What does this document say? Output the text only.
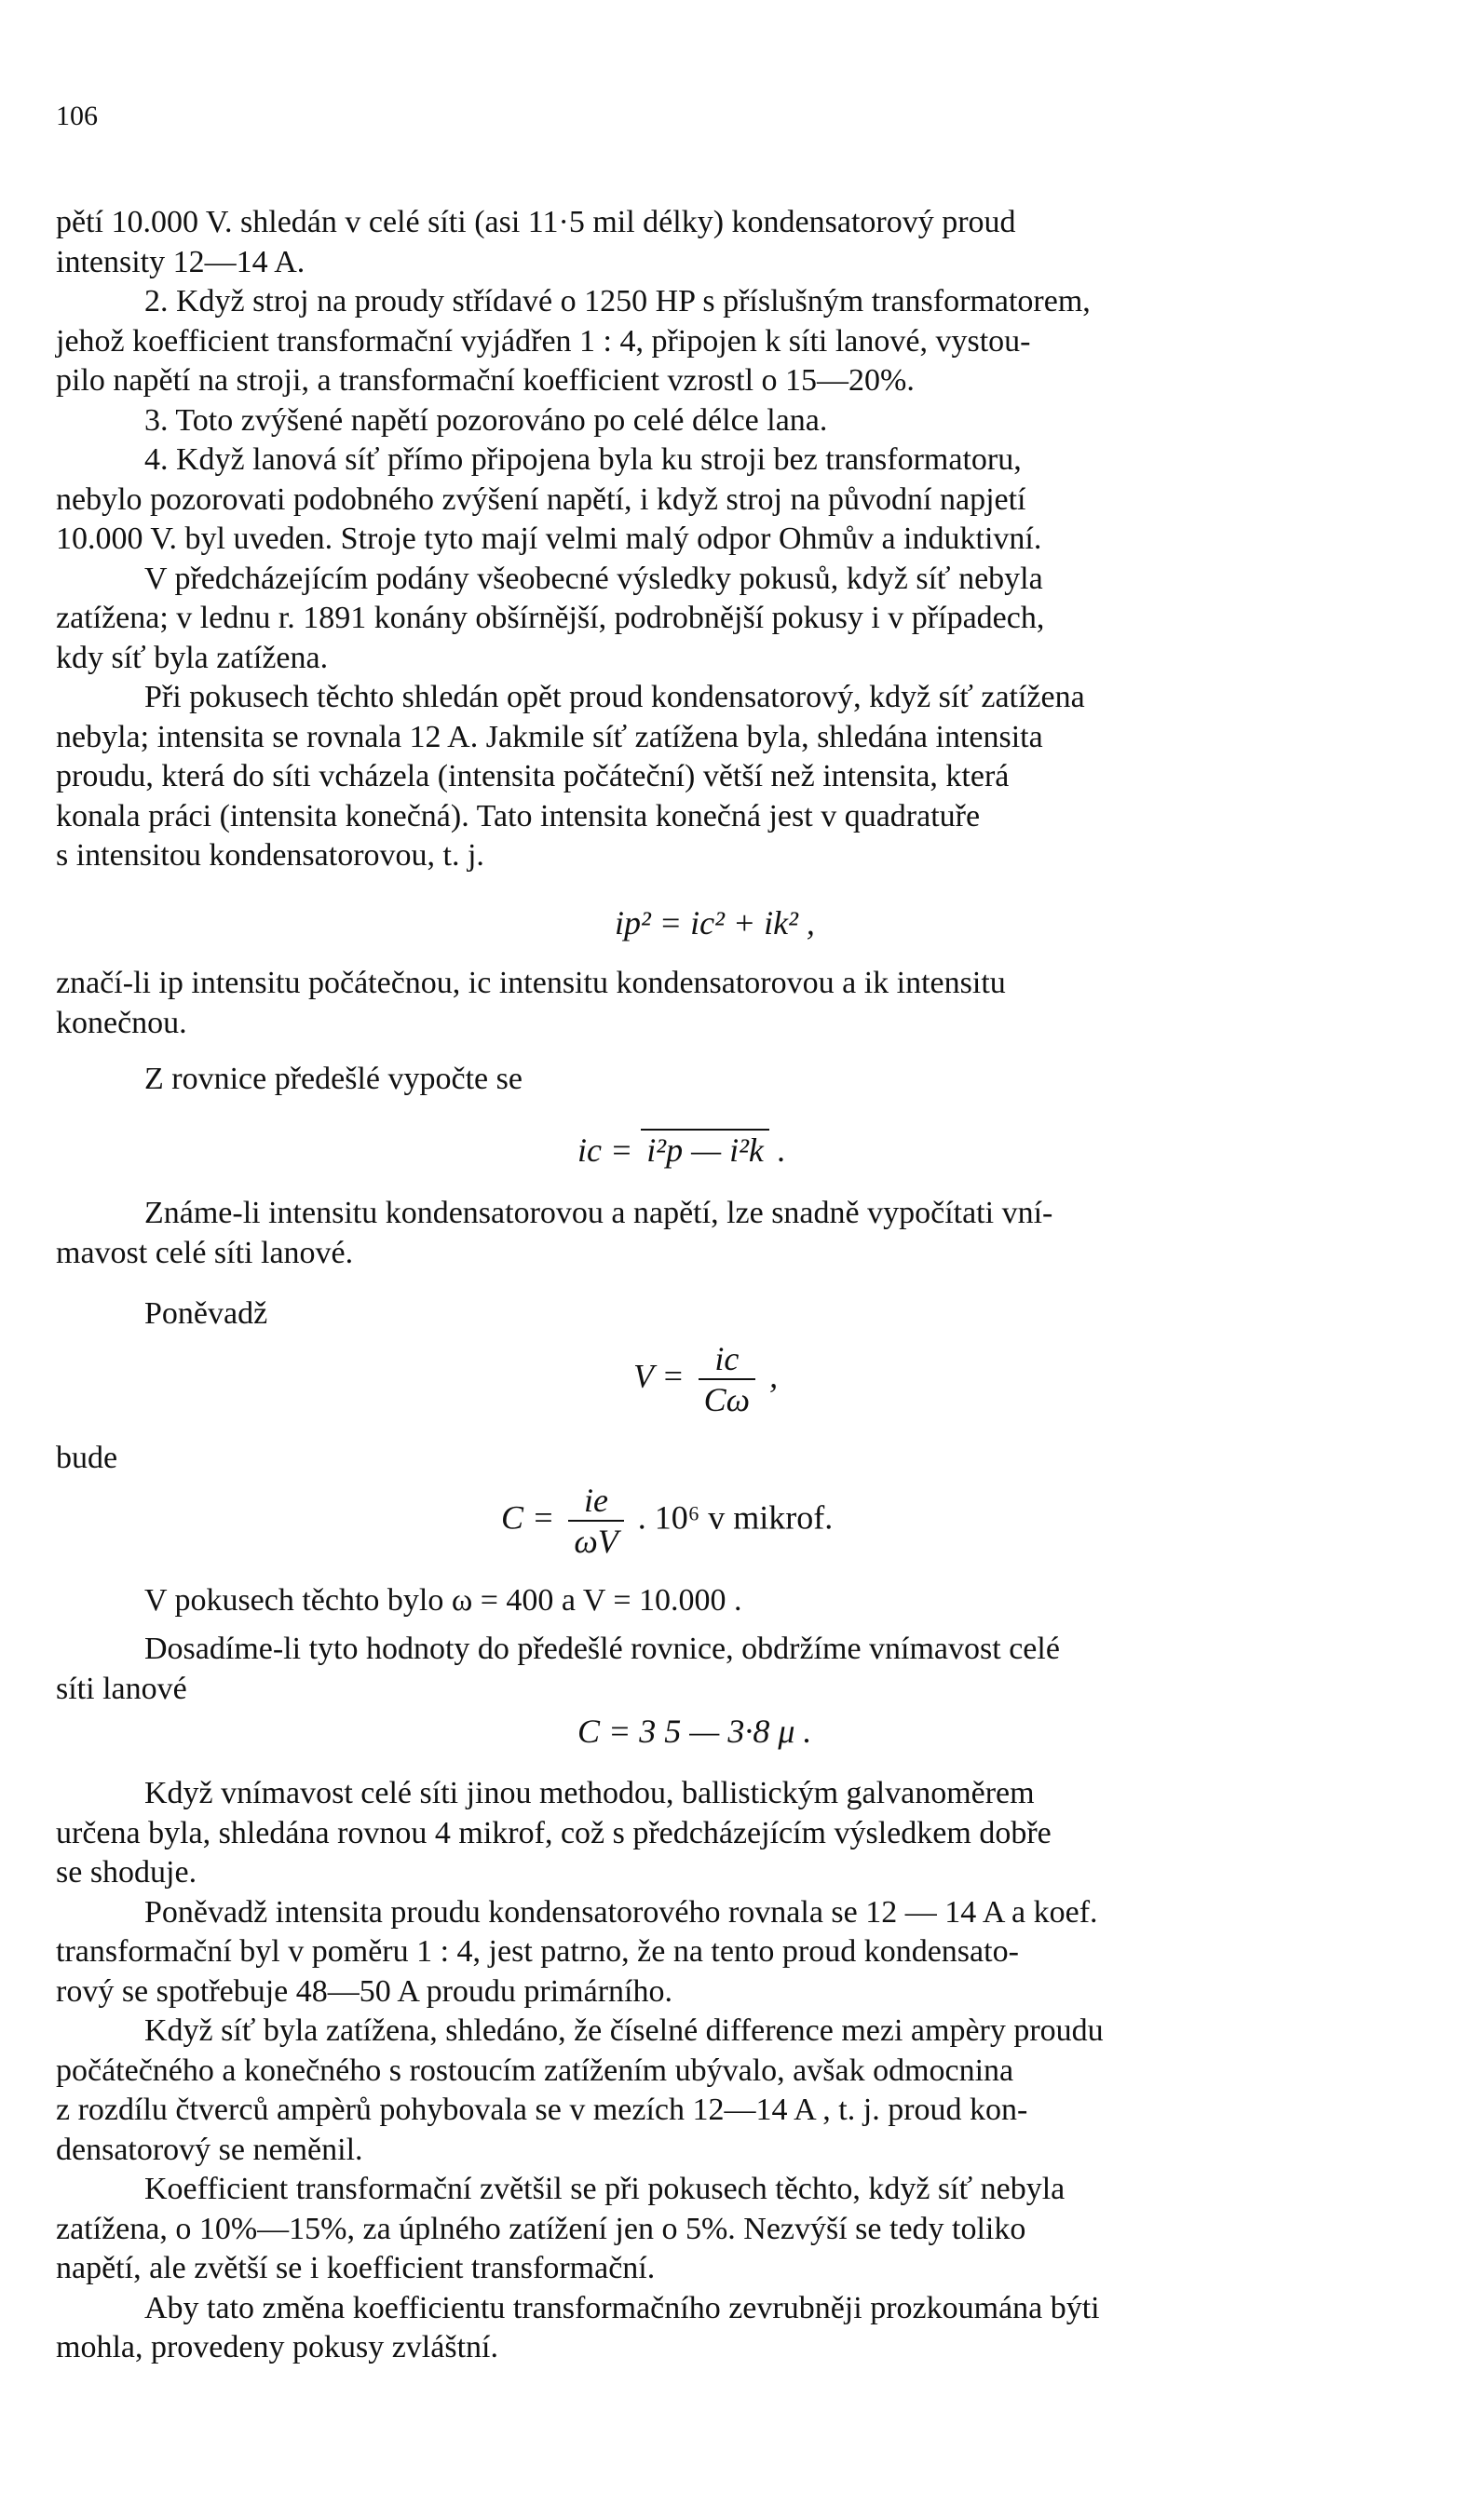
106
pětí 10.000 V. shledán v celé síti (asi 11·5 mil délky) kondensatorový proud
intensity 12—14 A.
2. Když stroj na proudy střídavé o 1250 HP s příslušným transformatorem,
jehož koefficient transformační vyjádřen 1 : 4, připojen k síti lanové, vystou-
pilo napětí na stroji, a transformační koefficient vzrostl o 15—20%.
3. Toto zvýšené napětí pozorováno po celé délce lana.
4. Když lanová síť přímo připojena byla ku stroji bez transformatoru,
nebylo pozorovati podobného zvýšení napětí, i když stroj na původní napjetí
10.000 V. byl uveden. Stroje tyto mají velmi malý odpor Ohmův a induktivní.
V předcházejícím podány všeobecné výsledky pokusů, když síť nebyla
zatížena; v lednu r. 1891 konány obšírnější, podrobnější pokusy i v případech,
kdy síť byla zatížena.
Při pokusech těchto shledán opět proud kondensatorový, když síť zatížena
nebyla; intensita se rovnala 12 A. Jakmile síť zatížena byla, shledána intensita
proudu, která do síti vcházela (intensita počáteční) větší než intensita, která
konala práci (intensita konečná). Tato intensita konečná jest v quadratuře
s intensitou kondensatorovou, t. j.
ip² = ic² + ik² ,
značí-li ip intensitu počátečnou, ic intensitu kondensatorovou a ik intensitu
konečnou.
Z rovnice předešlé vypočte se
ic = i²p — i²k .
Známe-li intensitu kondensatorovou a napětí, lze snadně vypočítati vní-
mavost celé síti lanové.
Poněvadž
$V = \frac{ic}{C\omega}$ ,
bude
$C = \frac{ie}{\omega V}$ . 10⁶ v mikrof.
V pokusech těchto bylo ω = 400 a V = 10.000 .
Dosadíme-li tyto hodnoty do předešlé rovnice, obdržíme vnímavost celé
síti lanové
C = 3 5 — 3·8 μ .
Když vnímavost celé síti jinou methodou, ballistickým galvanoměrem
určena byla, shledána rovnou 4 mikrof, což s předcházejícím výsledkem dobře
se shoduje.
Poněvadž intensita proudu kondensatorového rovnala se 12 — 14 A a koef.
transformační byl v poměru 1 : 4, jest patrno, že na tento proud kondensato-
rový se spotřebuje 48—50 A proudu primárního.
Když síť byla zatížena, shledáno, že číselné difference mezi ampèry proudu
počátečného a konečného s rostoucím zatížením ubývalo, avšak odmocnina
z rozdílu čtverců ampèrů pohybovala se v mezích 12—14 A , t. j. proud kon-
densatorový se neměnil.
Koefficient transformační zvětšil se při pokusech těchto, když síť nebyla
zatížena, o 10%—15%, za úplného zatížení jen o 5%. Nezvýší se tedy toliko
napětí, ale zvětší se i koefficient transformační.
Aby tato změna koefficientu transformačního zevrubněji prozkoumána býti
mohla, provedeny pokusy zvláštní.
